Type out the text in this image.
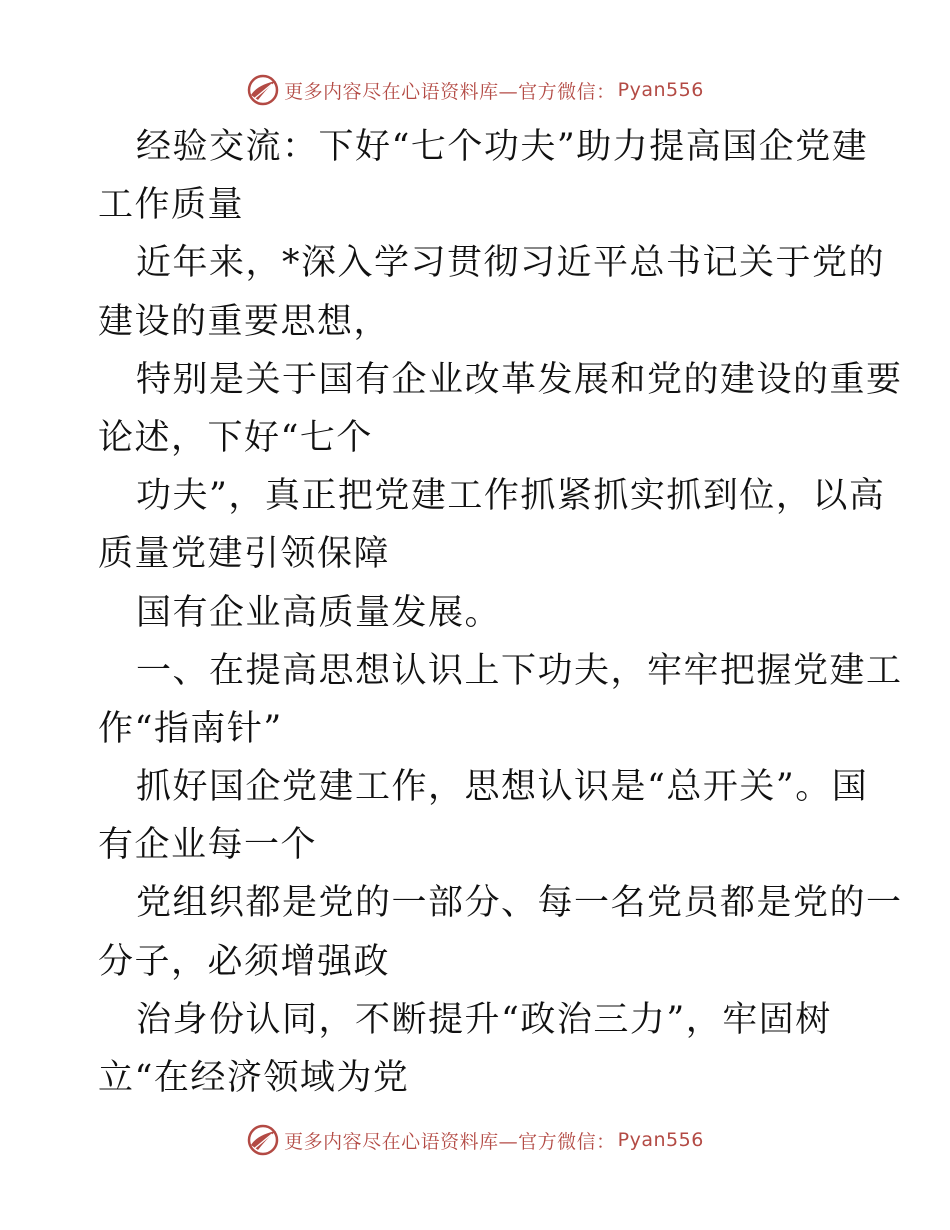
更多内容尽在心语资料库—官方微信： Pyan556
经验交流：下好“七个功夫”助力提高国企党建
工作质量
近年来，*深入学习贯彻习近平总书记关于党的
建设的重要思想，
特别是关于国有企业改革发展和党的建设的重要
论述，下好“七个
功夫”，真正把党建工作抓紧抓实抓到位，以高
质量党建引领保障
国有企业高质量发展。
一、在提高思想认识上下功夫，牢牢把握党建工
作“指南针”
抓好国企党建工作，思想认识是“总开关”。国
有企业每一个
党组织都是党的一部分、每一名党员都是党的一
分子，必须增强政
治身份认同，不断提升“政治三力”，牢固树
立“在经济领域为党
更多内容尽在心语资料库—官方微信： Pyan556
